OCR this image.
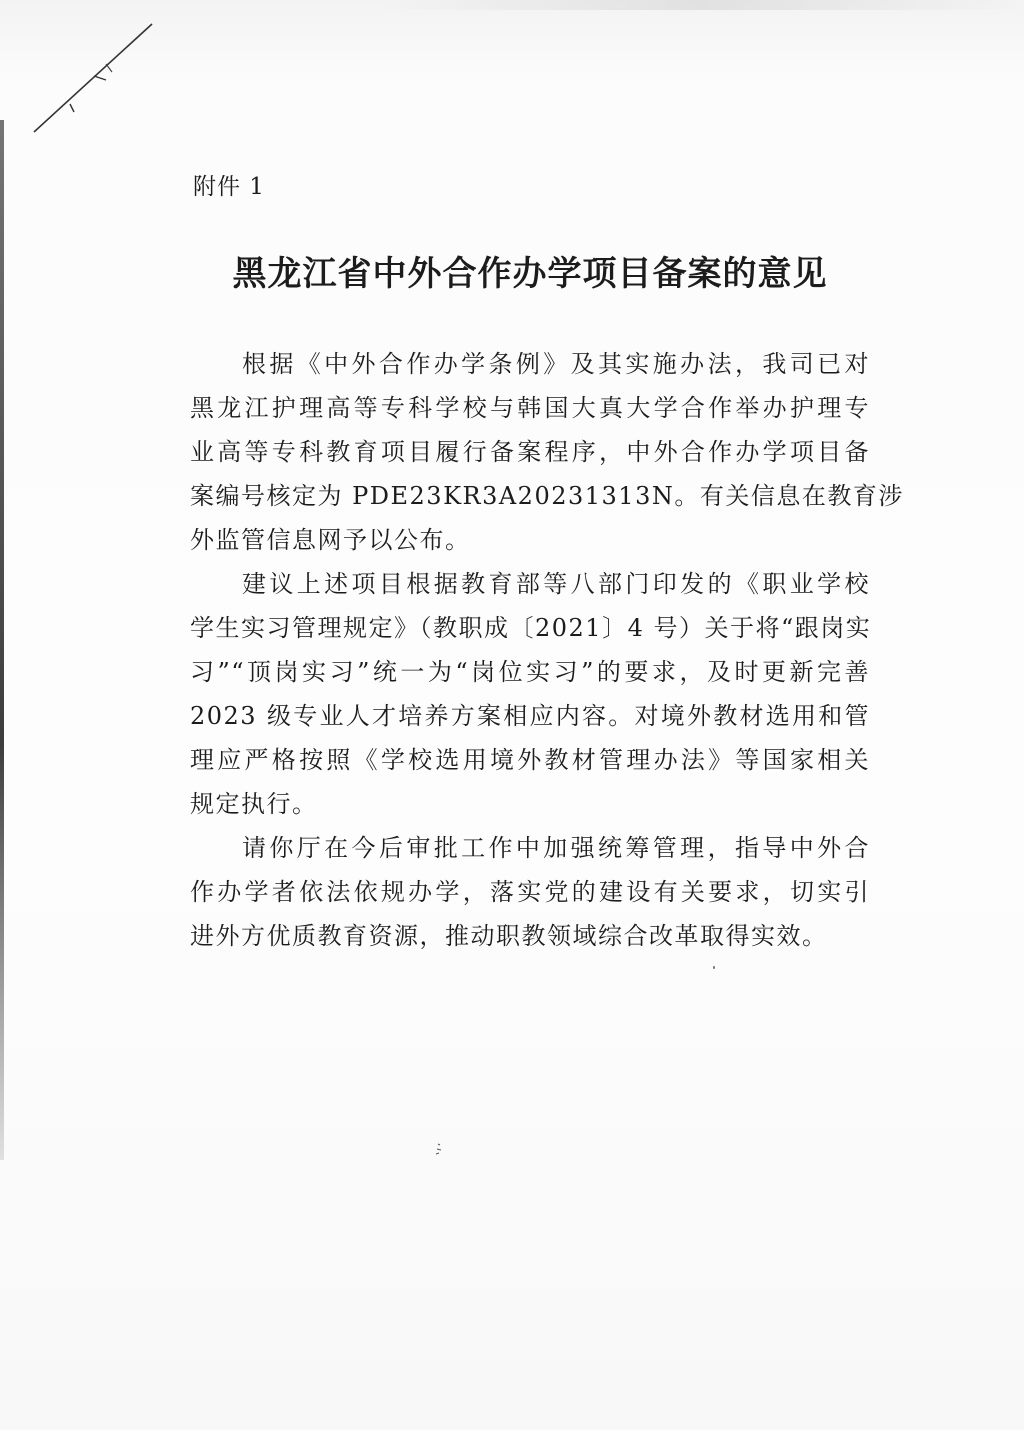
附件 1
黑龙江省中外合作办学项目备案的意见
根据《中外合作办学条例》及其实施办法，我司已对
黑龙江护理高等专科学校与韩国大真大学合作举办护理专
业高等专科教育项目履行备案程序，中外合作办学项目备
案编号核定为 PDE23KR3A20231313N。有关信息在教育涉
外监管信息网予以公布。
建议上述项目根据教育部等八部门印发的《职业学校
学生实习管理规定》（教职成〔2021〕4 号）关于将“跟岗实
习”“顶岗实习”统一为“岗位实习”的要求，及时更新完善
2023 级专业人才培养方案相应内容。对境外教材选用和管
理应严格按照《学校选用境外教材管理办法》等国家相关
规定执行。
请你厅在今后审批工作中加强统筹管理，指导中外合
作办学者依法依规办学，落实党的建设有关要求，切实引
进外方优质教育资源，推动职教领域综合改革取得实效。
